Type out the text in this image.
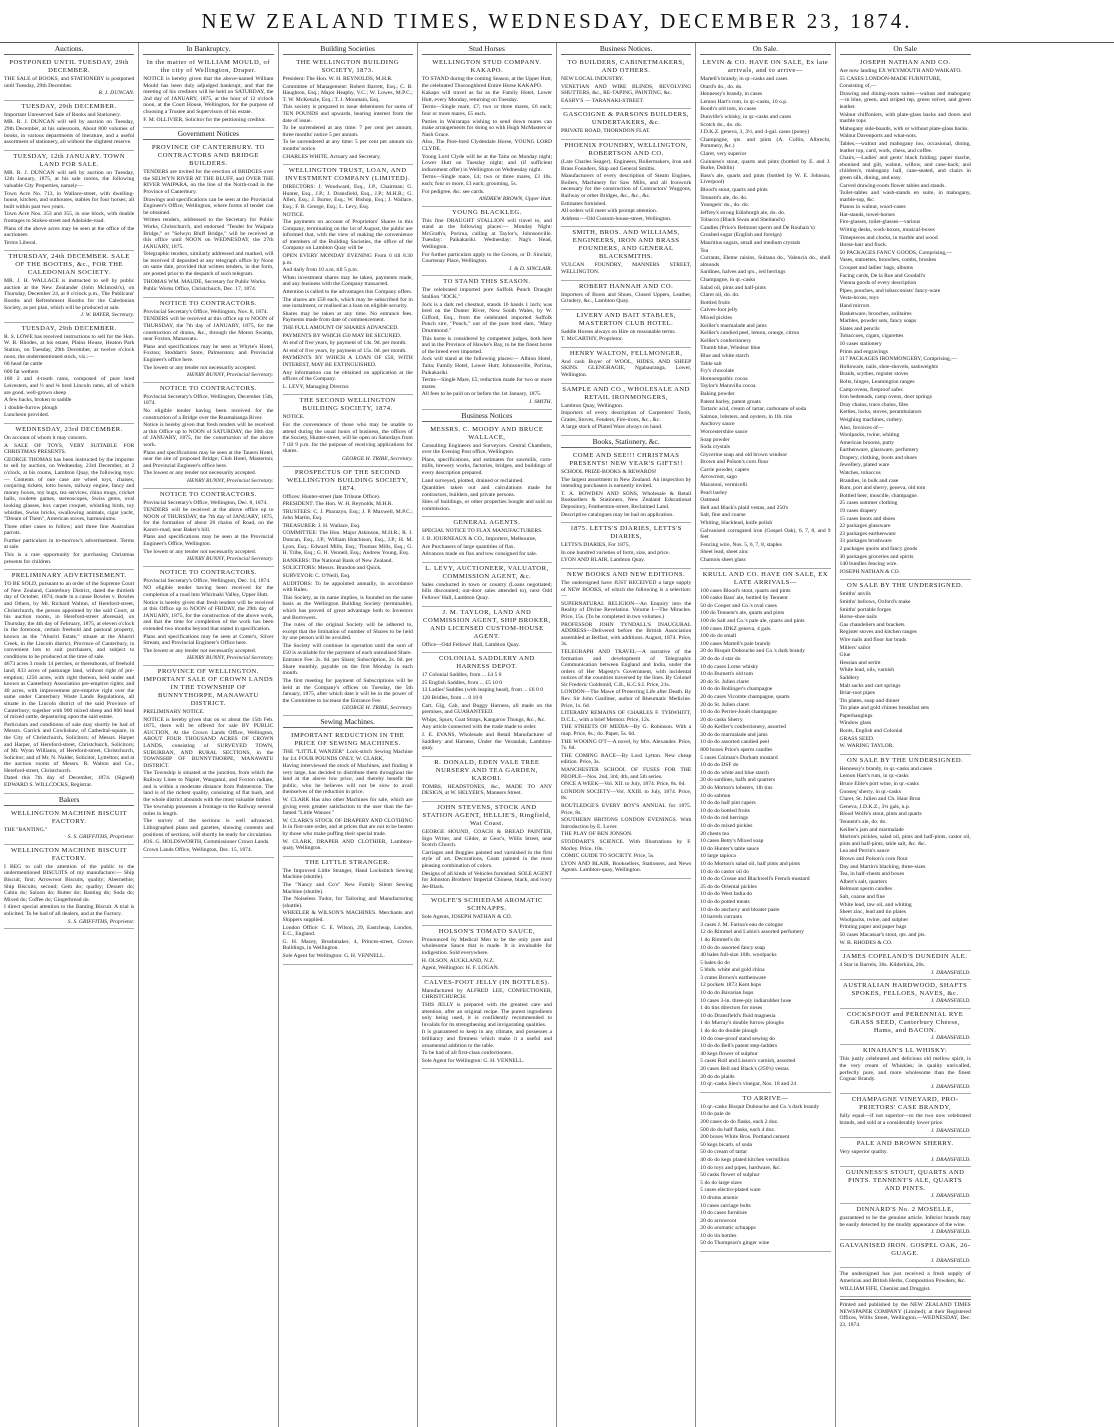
NEW ZEALAND TIMES, WEDNESDAY, DECEMBER 23, 1874.
Auctions.
POSTPONED UNTIL TUESDAY, 29th DECEMBER.
THE SALE of BOOKS, and STATIONERY is postponed until Tuesday, 29th December.
R. J. DUNCAN.
TUESDAY, 29th DECEMBER.
Important Unreserved Sale of Books and Stationery.
MR. R. J. DUNCAN will sell by auction on Tuesday, 29th December, at his salesroom, About 800 volumes of books, in various departments of literature, and a useful assortment of stationery, all without the slightest reserve.
TUESDAY, 12th JANUARY. TOWN LAND FOR SALE.
MR. R. J. DUNCAN will sell by auction on Tuesday, 12th January, 1875, at his sale rooms, the following valuable City Properties, namely—
Town Acre No. 713, in Wallace-street, with dwelling-house, kitchen, and outhouses, stables for four horses; all built within past two years.
Town Acre Nos. 353 and 355, in one block, with double frontages to Stokes-street and Adelaide-road.
Plans of the above acres may be seen at the office of the auctioneer.
Terms Liberal.
THURSDAY, 24th DECEMBER. SALE OF THE BOOTHS, &c., FOR THE CALEDONIAN SOCIETY.
MR. J. H. WALLACE is instructed to sell by public auction at the New Zealander (John McIntosh's), on Thursday, December 24, at 8 o'clock p.m., The Publicans' Booths and Refreshment Booths for the Caledonian Society, as per plan, which will be produced at sale.
J. W. BAYER, Secretary.
TUESDAY, 29th DECEMBER.
R. S. LOWE has received instructions to sell for the Hon. W. B. Rhodes, at his estate, Plains House, Heaton Park Station, on Tuesday, 29th December, at twelve o'clock noon, the undermentioned stock, viz.:—
60 head fat cattle
600 fat wethers
100 2 and 4-tooth rams, composed of pure bred Leicesters, and ½ and ¾ bred Lincoln rams, all of which are good, well-grown sheep
A few hacks, broken to saddle
1 double-furrow plough
Luncheon provided.
WEDNESDAY, 23rd DECEMBER.
On account of whom it may concern.
A SALE OF TOYS, VERY SUITABLE FOR CHRISTMAS PRESENTS.
GEORGE THOMAS has been instructed by the importer to sell by auction, on Wednesday, 23rd December, at 2 o'clock, at his rooms, Lambton Quay, the following toys:— Contents of one case are wheel toys, chaises, conjuring tickets, lotto boxes, railway engine, fancy and money boxes, toy bugs, tea services, china mugs, cricket balls, roulette games, stereoscopes, Swiss gems, oval looking glasses, box carpet croquet, whistling birds, toy whistles, Swiss bricks, swallowing animals, cigar yacht, "Dream of Them", American stoves, harmoniums.
Three other cases to follow; and three fine Australian parrots.
Further particulars in to-morrow's advertisement. Terms at sale.
This is a rare opportunity for purchasing Christmas presents for children.
PRELIMINARY ADVERTISEMENT.
TO BE SOLD, pursuant to an order of the Supreme Court of New Zealand, Canterbury District, dated the thirtieth day of October, 1874, made in a cause Bowles v. Bowles and Others, by Mr. Richard Walton, of Hereford-street, Christchurch, the person appointed by the said Court, at his auction rooms, in Hereford-street aforesaid, on Thursday, the 4th day of February, 1875, at eleven o'clock in the forenoon, certain freehold and pastoral property, known as the "Ahuriri Estate," situate at the Ahuriri Creek, in the Lincoln district, Province of Canterbury, in convenient lots to suit purchasers, and subject to conditions to be produced at the time of sale.
4673 acres 3 roods 14 perches, or thereabouts, of freehold land; 833 acres of pasturage land, without right of pre-emption; 1256 acres, with right thereon, held under and known as Canterbury Association pre-emptive rights; and 40 acres, with improvement pre-emptive right over the same under Canterbury Waste Lands Regulations, all situate in the Lincoln district of the said Province of Canterbury; together with 900 mixed sheep and 800 head of mixed cattle, depasturing upon the said estate.
Particulars and conditions of sale may shortly be had of Messrs. Garrick and Cowlishaw, of Cathedral-square, in the City of Christchurch, Solicitors; of Messrs. Harper and Harper, of Hereford-street, Christchurch, Solicitors; of Mr. Wynn Williams, of Hereford-street, Christchurch, Solicitor; and of Mr. N. Nalder, Solicitor, Lyttelton; and at the auction rooms of Messrs. R. Walton and Co., Hereford-street, Christchurch.
Dated this 7th day of December, 1874. (Signed) EDWARD S. WILLCOCKS, Registrar.
Bakers
WELLINGTON MACHINE BISCUIT FACTORY.
THE "BANTING."
S. S. GRIFFITHS, Proprietor.
WELLINGTON MACHINE BISCUIT FACTORY.
I BEG to call the attention of the public to the undermentioned BISCUITS of my manufacture:— Ship Biscuit, first; Arrowroot Biscuits, quality; Abernethie; Ship Biscuits, second; Gem do; quality; Dessert do; Cabin do; Saloon do; Butter do; Banting do; Soda do; Mixed do; Coffee do; Gingerbread do.
I direct special attention to the Banting Biscuit. A trial is solicited. To be had of all dealers, and at the Factory.
S. S. GRIFFITHS, Proprietor.
In Bankruptcy.
In the matter of WILLIAM MOULD, of the city of Wellington, Draper.
NOTICE is hereby given that the above-named William Mould has been duly adjudged bankrupt, and that the meeting of his creditors will be held on SATURDAY, the 2nd day of JANUARY, 1875, at the hour of 12 o'clock noon, at the Court House, Wellington, for the purpose of choosing a Trustee and Supervisors of his estate.
F. M. OLLIVIER, Solicitor for the petitioning creditor.
Government Notices
PROVINCE OF CANTERBURY. TO CONTRACTORS AND BRIDGE BUILDERS.
TENDERS are invited for the erection of BRIDGES over the SELWYN RIVER AT THE BLUFF, and OVER THE RIVER WAIPARA, on the line of the North-road in the Province of Canterbury.
Drawings and specifications can be seen at the Provincial Engineer's Office, Wellington, where forms of tender can be obtained.
Written tenders, addressed to the Secretary for Public Works, Christchurch, and endorsed "Tender for Waipara Bridge," or "Selwyn Bluff Bridge," will be received at this office until NOON on WEDNESDAY, the 27th JANUARY, 1875.
Telegraphic tenders, similarly addressed and marked, will be received if deposited at any telegraph office by Noon on same date, provided that written tenders, in due form, are posted prior to the despatch of such telegram.
THOMAS WM. MAUDE, Secretary for Public Works.
Public Works Office, Christchurch, Dec. 17, 1874.
NOTICE TO CONTRACTORS.
Provincial Secretary's Office, Wellington, Nov. 8, 1874.
TENDERS will be received at this office up to NOON of THURSDAY, the 7th day of JANUARY, 1875, for the construction of drains, &c., through the Moton Swamp, near Foxton, Manawatu.
Plans and specifications may be seen at Whyte's Hotel, Foxton; Stoddart's Store, Palmerston; and Provincial Engineer's office here.
The lowest or any tender not necessarily accepted.
HENRY BUNNY, Provincial Secretary.
NOTICE TO CONTRACTORS.
Provincial Secretary's Office, Wellington, December 15th, 1874.
No eligible tender having been received for the construction of a Bridge over the Ruamahanga River.
Notice is hereby given that fresh tenders will be received at this Office up to NOON of SATURDAY, the 30th day of JANUARY, 1875, for the construction of the above work.
Plans and specifications may be seen at the Tauern Hotel, near the site of proposed Bridge; Club Hotel, Masterton; and Provincial Engineer's office here.
The lowest or any tender not necessarily accepted.
HENRY BUNNY, Provincial Secretary.
NOTICE TO CONTRACTORS.
Provincial Secretary's Office, Wellington, Dec. 8, 1874.
TENDERS will be received at the above office up to NOON of THURSDAY, the 7th day of JANUARY, 1875, for the formation of about 28 chains of Road, on the Karori-road, near Baker's hill.
Plans and specifications may be seen at the Provincial Engineer's Office, Wellington.
The lowest or any tender not necessarily accepted.
HENRY BUNNY, Provincial Secretary.
NOTICE TO CONTRACTORS.
Provincial Secretary's Office, Wellington, Dec. 14, 1874.
NO eligible tender having been received for the completion of a road into Whirinaki Valley, Upper Hutt.
Notice is hereby given that fresh tenders will be received at this Office up to NOON of FRIDAY, the 29th day of JANUARY, 1875, for the construction of the above work, and that the time for completion of the work has been extended two months beyond that stated in specification.
Plans and specifications may be seen at Cotter's, Silver Stream, and Provincial Engineer's Office here.
The lowest or any tender not necessarily accepted.
HENRY BUNNY, Provincial Secretary.
PROVINCE OF WELLINGTON. IMPORTANT SALE OF CROWN LANDS IN THE TOWNSHIP OF BUNNYTHORPE, MANAWATU DISTRICT.
PRELIMINARY NOTICE.
NOTICE is hereby given that on or about the 15th Feb. 1875, there will be offered for sale BY PUBLIC AUCTION, At the Crown Lands Office, Wellington, ABOUT FOUR THOUSAND ACRES OF CROWN LANDS, consisting of SURVEYED TOWN, SUBURBAN, AND RURAL SECTIONS, in the TOWNSHIP OF BUNNYTHORPE, MANAWATU DISTRICT.
The Township is situated at the junction, from which the Railway Lines to Napier, Wanganui, and Foxton radiate, and is within a moderate distance from Palmerston. The land is of the richest quality, consisting of flat bush, and the whole district abounds with the most valuable timber.
The township possesses a frontage to the Railway several miles in length.
The survey of the sections is well advanced. Lithographed plans and gazettes, showing contents and positions of sections, will shortly be ready for circulation.
JOS. G. HOLDSWORTH, Commissioner Crown Lands.
Crown Lands Office, Wellington, Dec. 15, 1874.
Building Societies
THE WELLINGTON BUILDING SOCIETY, 1873.
President: The Hon. W. H. REYNOLDS, M.H.R.
Committee of Management: Robert Barrett, Esq.; C. B. Haughton, Esq.; Major Heaphy, V.C.; W. Lowes, M.P.C.; T. W. McKenzie, Esq.; T. J. Mountain, Esq.
This society is prepared to issue debentures for sums of TEN POUNDS and upwards, bearing interest from the date of issue.
To be surrendered at any time: 7 per cent per annum, three months' notice 5 per annum.
To be surrendered at any time: 5 per cent per annum six months' notice.
CHARLES WHITE, Actuary and Secretary.
WELLINGTON TRUST, LOAN, AND INVESTMENT COMPANY (LIMITED).
DIRECTORS: J. Woodward, Esq., J.P., Chairman; G. Hunter, Esq., J.P.; J. Dransfield, Esq., J.P.; M.H.R.; G. Allen, Esq.; J. Burne, Esq.; W. Bishop, Esq.; J. Wallace, Esq.; F. B. George, Esq.; L. Levy, Esq.
NOTICE.
The payments on account of Proprietors' Shares in this Company, terminating on the 1st of August, the public are informed that, with the view of making the convenience of members of the Building Societies, the office of the Company on Lambton Quay will be
OPEN EVERY MONDAY EVENING From 6 till 8.30 p.m.
And daily from 10 a.m. till 5 p.m.
When investment shares may be taken, payments made, and any business with the Company transacted.
Attention is called to the advantages this Company offers.
The shares are £50 each, which may be subscribed for in one instalment, or realised as a loan on eligible security.
Shares may be taken at any time. No entrance fees. Payments made from date of commencement.
THE FULL AMOUNT OF SHARES ADVANCED.
PAYMENTS BY WHICH £50 MAY BE SECURED.
At end of five years, by payment of 14s. 9d. per month.
At end of five years, by payment of 15s. 0d. per month.
PAYMENTS BY WHICH A LOAN OF £50, WITH INTEREST, MAY BE EXTINGUISHED.
Any information can be obtained on application at the offices of the Company.
L. LEVY, Managing Director.
THE SECOND WELLINGTON BUILDING SOCIETY, 1874.
NOTICE.
For the convenience of those who may be unable to attend during the usual hours of business, the offices of the Society, Hunter-street, will be open on Saturdays from 7 till 9 p.m. for the purpose of receiving applications for shares.
GEORGE H. TRIBE, Secretary.
PROSPECTUS OF THE SECOND WELLINGTON BUILDING SOCIETY, 1874.
Offices: Hunter-street (late Tribune Office).
PRESIDENT: The Hon. W. H. Reynolds, M.H.R.
TRUSTEES: C. J. Pharazyn, Esq.; J. P. Maxwell, M.P.C.; John Martin, Esq.
TREASURER: J. H. Wallace, Esq.
COMMITTEE: The Hon. Major Atkinson, M.H.R.; R. J. Duncan, Esq., J.P.; William Hutchison, Esq., J.P.; H. M. Lyon, Esq.; Edward Mills, Esq.; Thomas Mills, Esq.; G. H. Tribe, Esq.; G. H. Vennell, Esq.; Andrew Young, Esq.
BANKERS: The National Bank of New Zealand.
SOLICITORS: Messrs. Brandon and Quick.
SURVEYOR: C. O'Neill, Esq.
AUDITORS: To be appointed annually, in accordance with Rules.
This Society, as its name implies, is founded on the same basis as the Wellington Building Society (terminable), which has proved of great advantage both to Investors and Borrowers.
The rules of the original Society will be adhered to, except that the limitation of number of Shares to be held by one person will be avoided.
The Society will continue in operation until the sum of £50 is available for the payment of each unrealised Share.
Entrance Fee: 2s. 6d. per Share; Subscription, 2s. 6d. per Share monthly, payable on the first Monday in each month.
The first meeting for payment of Subscriptions will be held at the Company's offices on Tuesday, the 5th January, 1875, after which date it will be in the power of the Committee to increase the Entrance Fee.
GEORGE H. TRIBE, Secretary.
Sewing Machines.
IMPORTANT REDUCTION IN THE PRICE OF SEWING MACHINES.
THE "LITTLE WANZER" Lock-stitch Sewing Machine for £4. FOUR POUNDS ONLY. W. CLARK,
Having interviewed the stock of Machines, and finding it very large, has decided to distribute them throughout the land at the above low price, and thereby benefit the public, who he believes will not be slow to avail themselves of the reduction in price.
W. CLARK Has also other Machines for sale, which are giving even greater satisfaction to the user than the far-famed "Little Wanzer."
W. CLARK'S STOCK OF DRAPERY AND CLOTHING Is in first-rate order, and at prices that are not to be beaten by those who make puffing their special trade.
W. CLARK, DRAPER AND CLOTHIER, Lambton-quay, Wellington.
THE LITTLE STRANGER.
The Improved Little Stranger, Hand Lockstitch Sewing Machine (shuttle).
The "Nancy and Co's" New Family Silent Sewing Machine (shuttle).
The Noiseless Tudor, for Tailoring and Manufacturing (shuttle).
WHEELER & WILSON'S MACHINES. Merchants and Shippers supplied.
London Office: C. E. Wilson, 29, Eastcheap, London, E.C., England.
G. H. Macey, Brushmaker, 4, Princes-street, Crown Buildings, in Wellington.
Sole Agent for Wellington: G. H. VENNELL.
Stud Horses
WELLINGTON STUD COMPANY. KAKAPO.
TO STAND during the coming Season, at the Upper Hutt, the celebrated Thoroughbred Entire Horse KAKAPO.
Kakapo will travel as far as the Family Hotel, Lower Hutt, every Monday, returning on Tuesday.
Terms—Single mare, £7; two or three mares, £6 each; four or more mares, £5 each.
Parties in Wairarapa wishing to send down mares can make arrangements for doing so with Hugh McMasters or Nash Grace.
Also, The Pure-bred Clydesdale Horse, YOUNG LORD CLYDE.
Young Lord Clyde will be at the Taita on Monday night; Lower Hutt on Tuesday night; and (if sufficient inducement offer) in Wellington on Wednesday night.
Terms—Single mare, £4; two or three mares, £3 10s. each; four or more, £3 each; grooming, 5s.
For pedigree, &c. see cards.
ANDREW BROWN, Upper Hutt.
YOUNG BLACKLEG.
This fine DRAUGHT STALLION will travel to, and stand at the following places:— Monday Night: McGrath's, Porirua, calling at Taylor's, Johnsonville. Tuesday: Paikakariki. Wednesday: Nag's Head, Wellington.
For further particulars apply to the Groom, or D. Sinclair, Courtenay Place, Wellington.
J. & D. SINCLAIR.
TO STAND THIS SEASON.
The celebrated imported pure Suffolk Punch Draught Stallion "JOCK."
Jock is a dark red chestnut, stands 16 hands 1 inch; was bred on the Dunter River, New South Wales, by W. Gifford, Esq., from the celebrated imported Suffolk Punch sire, "Punch," out of the pure bred dam, "Mary Drummond."
This horse is considered by competent judges, both here and in the Province of Hawke's Bay, to be the finest horse of the breed ever imported.
Jock will stand at the following places:— Albion Hotel, Taita; Family Hotel, Lower Hutt; Johnsonville, Porirua, Paikakariki.
Terms—Single Mare, £5; reduction made for two or more mares.
All fees to be paid on or before the 1st January, 1875.
J. SMITH.
Business Notices
MESSRS. C. MOODY AND BRUCE WALLACE,
Consulting Engineers and Surveyors. Central Chambers, over the Evening Post office, Wellington.
Plans, specifications, and estimates for sawmills, corn-mills, brewery works, factories, bridges, and buildings of every description prepared.
Land surveyed, plotted, drained or reclaimed.
Quantities taken out and calculations made for contractors, builders, and private persons.
Sites of buildings, or other properties bought and sold on commission.
GENERAL AGENTS.
SPECIAL NOTICE TO FLAX MANUFACTURERS.
J. B. JOURNEAUX & CO., Importers, Melbourne,
Are Purchasers of large quantities of flax.
Advances made on flax and tow consigned for sale.
L. LEVY, AUCTIONEER, VALUATOR, COMMISSION AGENT, &c.
Sales conducted in town or country (Loans negotiated; bills discounted; out-door sales attended to), next Odd Fellows' Hall, Lambton Quay.
J. M. TAYLOR, LAND AND COMMISSION AGENT, SHIP BROKER, AND LICENSED CUSTOM-HOUSE AGENT.
Office—Odd Fellows' Hall, Lambton Quay.
COLONIAL SADDLERY AND HARNESS DEPOT.
17 Colonial Saddles, from ... £4 5 0
25 English Saddles, from ... £5 10 0
13 Ladies' Saddles (with leaping head), from ... £6 0 0
120 Bridles, from ... 0 10 0
Cart, Gig, Cab, and Buggy Harness, all made on the premises, and GUARANTEED.
Whips, Spurs, Coat Straps, Kangaroo Thongs, &c., &c.
Any article connected with the trade made to order.
J. E. EVANS, Wholesale and Retail Manufacturer of Saddlery and Harness, Under the Verandah, Lambton-quay.
R. DONALD, EDEN VALE TREE NURSERY AND TEA GARDEN, KARORI.
TOMBS, HEADSTONES, &c., MADE TO ANY DESIGN, at W. HELYER'S, Manners Street.
JOHN STEVENS, STOCK AND STATION AGENT, HELLIE'S, Ringfield, Wai Coast.
GEORGE HOUND, COACH & BREAD PAINTER, Sign Writer, and Gilder, at Geor's, Willis Street, near Scotch Church.
Carriages and Buggies painted and varnished in the first style of art. Decorations, Coats painted in the most pleasing combination of colors.
Designs of all kinds of Vehicles furnished. SOLE AGENT for Johnston Brothers' Imperial Chinese, black, and ivory Jet-Black.
WOLFE'S SCHIEDAM AROMATIC SCHNAPPS.
Sole Agents, JOSEPH NATHAN & CO.
HOLSON'S TOMATO SAUCE,
Pronounced by Medical Men to be the only pure and wholesome Sauce that is made. It is invaluable for indigestion. Sold everywhere.
H. OLSON, AUCKLAND, N.Z.
Agent, Wellington: H. F. LOGAN.
CALVES-FOOT JELLY (IN BOTTLES).
Manufactured by ALFRED LEE, CONFECTIONER, CHRISTCHURCH.
THIS JELLY is prepared with the greatest care and attention, after an original recipe. The purest ingredients only being used, it is confidently recommended to Invalids for its strengthening and invigorating qualities.
It is guaranteed to keep in any climate, and possesses a brilliancy and firmness which make it a useful and ornamental addition to the table.
To be had of all first-class confectioners.
Sole Agent for Wellington: G. H. VENNELL.
Business Notices.
TO BUILDERS, CABINETMAKERS, AND OTHERS.
NEW LOCAL INDUSTRY.
VENETIAN AND WIRE BLINDS, REVOLVING SHUTTERS, &c., RE-TAPING, PAINTING, &c.
EASBY'S — TARANAKI-STREET.
GASCOIGNE & PARSONS BUILDERS, UNDERTAKERS, &c.
PRIVATE ROAD, THORNDON FLAT.
PHOENIX FOUNDRY, WELLINGTON, ROBERTSON AND CO.
(Late Charles Seager), Engineers, Boilermakers, Iron and Brass Founders, Ship and General Smiths.
Manufacturers of every description of Steam Engines, Boilers, Machinery for Saw Mills, and all Ironwork necessary for the construction of Contractors' Waggons, Railway or other Bridges, &c., &c., &c.
Estimates furnished.
All orders will meet with prompt attention.
Address:—Old Custom-house-street, Wellington.
SMITH, BROS. AND WILLIAMS, ENGINEERS, IRON AND BRASS FOUNDERS, AND GENERAL BLACKSMITHS.
VULCAN FOUNDRY, MANNERS STREET, WELLINGTON.
ROBERT HANNAH AND CO.
Importers of Boots and Shoes, Closed Uppers, Leather, Grindery, &c., Lambton Quay.
LIVERY AND BAIT STABLES, MASTERTON CLUB HOTEL.
Saddle Horses always on Hire on reasonable terms.
T. McCARTHY, Proprietor.
HENRY WALTON, FELLMONGER,
And cash Buyer of WOOL, HIDES, AND SHEEP SKINS. GLENGRAGIE, Ngahauranga, Lower, Wellington.
SAMPLE AND CO., WHOLESALE AND RETAIL IRONMONGERS,
Lambton Quay, Wellington.
Importers of every description of Carpenters' Tools, Grates, Stoves, Fenders, Fire-irons, &c., &c.
A large stock of Plated Ware always on hand.
Books, Stationery, &c.
COME AND SEE!!! CHRISTMAS PRESENTS! NEW YEAR'S GIFTS!!
SCHOOL PRIZE-BOOKS & REWARDS!
The largest assortment in New Zealand. An inspection by intending purchasers is earnestly invited.
T. A. BOWDEN AND SONS, Wholesale & Retail Booksellers & Stationers, New Zealand Educational Depository, Featherston-street, Reclaimed Land.
Descriptive catalogues may be had on application.
1875. LETTS'S DIARIES, LETTS'S DIARIES,
LETTS'S DIARIES, For 1875,
In one hundred varieties of form, size, and price.
LYON AND BLAIR, Lambton Quay.
NEW BOOKS AND NEW EDITIONS.
The undersigned have JUST RECEIVED a large supply of NEW BOOKS, of which the following is a selection:—
SUPERNATURAL RELIGION—An Enquiry into the Reality of Divine Revelation. Volume I—The Miracles. Price, 15s. (To be completed in two volumes.)
PROFESSOR JOHN TYNDALL'S INAUGURAL ADDRESS—Delivered before the British Association assembled at Belfast, with additions. August, 1874. Price, 3s.
TELEGRAPH AND TRAVEL—A narrative of the formation and development of Telegraphic Communication between England and India, under the orders of Her Majesty's Government, with incidental notices of the countries traversed by the lines. By Colonel Sir Frederic Goldsmid, C.B., K.C.S.I. Price, 21s.
LONDON—The Mawe of Protecting Life after Death. By Rev. Sir John Gardiner, author of Rheumatic Medicine. Price, 1s. 6d.
LITERARY REMAINS OF CHARLES F. TYRWHITT, D.C.L., with a brief Memoir. Price, 12s.
THE STREETS OF MEDIA—By G. Robinson. With a map. Price, 8s.; do. Paper, 5s. 6d.
THE WOOING O'T—A novel, by Mrs. Alexander. Price, 7s. 6d.
THE COMING RACE—By Lord Lytton. New cheap edition. Price, 3s.
MANCHESTER SCHOOL OF FUSES FOR THE PEOPLE—Nos. 2nd, 3rd, 4th, and 5th series.
ONCE A WEEK—Vol. XII. to July, 1874. Price, 8s. 6d.
LONDON SOCIETY—Vol. XXIII. to July, 1874. Price, 8s.
ROUTLEDGE'S EVERY BOY'S ANNUAL for 1875. Price, 8s.
SOUTHERN BRITONS LONDON EVENINGS. With Introduction by E. Lover.
THE PLAY OF BEN JONSON.
STODDART'S SCIENCE. With Illustrations by F. Morley. Price, 10s.
COMIC GUIDE TO SOCIETY. Price, 5s.
LYON AND BLAIR, Booksellers, Stationers, and News Agents. Lambton-quay, Wellington.
On Sale.
LEVIN & CO. HAVE ON SALE, Ex late arrivals, and to arrive—
Martell's brandy, in qr.-casks and cases
Otard's do., do. do.
Hennessy's brandy, in cases
Lemon Hart's rum, in qr.-casks, 10 o.p.
Booth's old tom, in cases
Dunville's whisky, in qr.-casks and cases
Scotch do., do. do.
J.D.K.Z. geneva, 3, 3½, and 4-gal. cases (poney)
Champagne, qts. and pints (A. Collin, Albrecht, Pommery, &c.)
Claret, very superior
Guinness's stout, quarts and pints (bottled by E. and J. Burke, Dublin)
Bass's ale, quarts and pints (bottled by W. E. Johnson, Liverpool)
Blood's stout, quarts and pints
Tennent's ale, do. do.
Youngers' do., do. do.
Jeffrey's strong Edinburgh ale, do. do.
Tobacco (Black Swan and Sheiland's)
Candles (Price's Belmont sperm and De Roubaix's)
Crushed sugar (English and foreign)
Mauritius sugars, small and medium crystals
Tea
Currants, Eleme raisins, Sultana do., Valencia do., shell almonds
Sardines, halves and qrs., red herrings
Champagne, in qr.-casks
Salad oil, pints and half-pints
Claret oil, do. do.
Bottled fruits
Calves-foot jelly
Mixed pickles
Keiller's marmalade and jams
Keiller's candied peel, lemon, orange, citron
Keiller's confectionery
Thumb blue, Windsor blue
Blue and white starch
Table salt
Fry's chocolate
Homoeopathic cocoa
Taylor's Maravilla cocoa
Baking powder
Patent barley, patent groats
Tartaric acid, cream of tartar, carbonate of soda
Salmon, lobsters, and oysters, in 1lb. tins
Anchovy sauce
Worcestershire sauce
Soap powder
Soda crystals
Glycerine soap and old brown windsor
Brown and Polson's corn flour
Carrie powder, capers
Arrowroot, sago
Macaroni, vermicelli
Pearl barley
Oatmeal
Bell and Black's plaid vestas, and 250's
Salt, fine and coarse
Whiting, blacklead, knife polish
Galvanised corrugated iron (Gospel Oak), 6, 7, 8, and 9 feet
Fencing wire, Nos. 5, 6, 7, 8, staples
Sheet lead, sheet zinc
Chamois sheet glass
KRULL AND CO. HAVE ON SALE, EX LATE ARRIVALS—
100 cases Blood's stout, quarts and pints
100 casks Bass' ale, bottled by Tennent
50 do Cooper and Co.'s oval cases
100 do Tennent's ale, quarts and pints
100 do Salt and Co.'s pale ale, quarts and pints
100 cases JDKZ geneva, 4 gals.
100 do do small
100 cases Martell's pale brandy
20 do Bisquit Dubouche and Co.'s dark brandy
20 do do 4 star do
10 do cases Lorne whisky
10 do Burnett's old tom
20 do St. Julien claret
10 do do Bollinger's champagne
20 do cases Vicomte champagne, quarts
20 do St. Julien claret
10 do do Perrier-Jouët champagne
20 do casks Sherry
50 do Keiller's confectionery, assorted
20 do do marmalade and jams
10 do do assorted candied peel
800 boxes Price's sperm candles
5 cases Colman's Durham mustard
10 do do DSF do
10 do do white and blue starch
20 do sardines, halfs and quarters
20 do Morton's lobsters, 1lb tins
10 do salmon
10 do do half pint capers
10 do do bottled fruits
10 do do red herrings
10 do do mixed pickles
20 chests tea
10 cases Betty's Mixed soap
10 do Hunter's table sauce
10 large tapioca
10 do Morton's salad oil, half pints and pints
10 do do castor oil do
10 do do Crosse and Blackwell's French mustard
25 do do Oriental pickles
10 do do West India do
10 do do potted meats
10 do do anchovy and bloater paste
10 barrels currants
3 cases J. M. Farina's eau de cologne
12 do Rimmel and Lubin's assorted perfumery
1 do Rimmel's do
10 do do assorted fancy soap
40 bales full-size 10lb. woolpacks
5 bales do do
5 bhds. white and gold china
3 crates Brown's earthenware
12 pockets 1873 Kent hops
10 do do Bavarian hops
10 cases 3-in. three-ply indiarubber hose
1 do tins directors for noses
10 do Dransfield's fluid magnesia
1 do Murray's double furrow ploughs
1 do do do double plough
10 do rose-proof stand sewing do
10 do do Bell's patent step-ladders
40 kegs flower of sulphur
5 cases Roll and Lisson's varnish, assorted
20 cases Bell and Black's (250's) vestas
20 do do plaids
10 qr.-casks Sleo's vinegar, Nos. 18 and 24
TO ARRIVE—
10 qr.-casks Bisquit Dubouche and Co.'s dark brandy
10 do pale do
200 cases do do flasks, each 2 doz.
500 do do half flasks, each 4 doz.
200 boxes White Bros. Portland cement
50 kegs bicarb. of soda
50 do cream of tartar
40 do do kegs plated kitchen vermillion
10 do toys and pipes, hardware, &c.
50 casks flower of sulphur
5 do do large sizes
5 cases electro-plated ware
10 drums arsenic
10 cases carriage bolts
10 do cases furniture
20 do arrowroot
20 do aromatic schnapps
10 do tin bottles
50 do Thompson's ginger wine
On Sale
JOSEPH NATHAN AND CO.
Are now landing EX WEYMOUTH AND WAIKATO.
55 CASES LONDON-MADE FURNITURE,
Consisting of,—
Drawing and dining-room suites—walnut and mahogany—in blue, green, and striped rep, green velvet, and green leather.
Walnut chiffoniers, with plate-glass backs and doors and marble tops
Mahogany side-boards, with or without plate-glass backs.
Walnut Davenports and what-nots.
Tables,—walnut and mahogany loo, occasional, dining, leather top, card, work, chess, and coffee.
Chairs,—Ladies' and gents' black folding; paper mache, ebonised and gilt, walnut, willow, and cane-back; and children's, mahogany hall, cane-seated, and chairs in green silk, dining, and easy.
Carved drawing-room flower tables and stands.
Toilet-tables and wash-stands en suite, in mahogany, marble-top, &c.
Pianos in walnut, wood-cases
Hat-stands, towel-horses
Fire-glasses, toilet-glasses—various
Writing desks, work-boxes, musical-boxes
Timepieces and clocks, in marble and wood
Horse-hair and flock.
50 PACKAGES FANCY GOODS, Comprising,—
Vases, statuettes, brooches, combs, brushes
Croquet and ladies' bags, albums
Facing cards, De la Rue and Goodall's
Vienna goods of every description
Pipes, pouches, and tobacconists' fancy-ware
Vesta-boxes, toys
Hand mirrors
Basketware, brooches, solitaires
Marbles, powder sets, fancy soaps
Slates and pencils
Tobaccoes, cigars, cigarettes
10 cases stationery
Prints and engravings
317 PACKAGES IRONMONGERY, Comprising,—
Holloware, nails, shoe-shovels, sashweights
Braids, scythes, register stoves
Bolts, hinges, Leamington ranges
Camp ovens, fireproof safes
Iron bedsteads, camp ovens, door springs
Dray chains, trace chains, files
Kettles, locks, stoves, perambulators
Weighing machines, cutlery.
Also, Invoices of—
Woolpacks, twine, whiting
American brooms, putty
Earthenware, glassware, perfumery
Drapery, clothing, boots and shoes
Jewellery, plated ware
Watches, tobaccos
Brandies, in bulk and case
Rum, port and sherry, geneva, old tom
Bottled beer, muscille, champagne.
25 cases summer clothing
19 cases drapery
15 cases boots and shoes
22 packages glassware
23 packages earthenware
33 packages brushware
2 packages quoits and fancy goods
30 packages groceries and spirits
140 bundles fencing wire.
JOSEPH NATHAN & CO.
ON SALE BY THE UNDERSIGNED.
Smiths' anvils
Smiths' bellows, Oxford's make
Smiths' portable forges
Horse-shoe nails
Gas chandeliers and brackets
Register stoves and kitchen ranges
Wire nails and floor bar brads
Millers' sailor
Glue
Hessian and serim
White lead, oils, varnish
Saddlery
Malt sacks and cart springs
Briar-root pipes
Tin plates, soap and dinner
Tin plate and gold chimes breakfast sets
Paperhangings
Window glass
Boots, English and Colonial
GRASS SEED.
W. WARING TAYLOR.
ON SALE BY THE UNDERSIGNED.
Hennessy's brandy, in qr.-casks and cases
Lemon Hart's rum, in qr.-casks
Bruce Elite's port wine, in qr.-casks
Gooseq' sherry, in qr.-casks
Claret, St. Julien and Ch. Haut Brun
Geneva, J.D.K.Z., 3¼ gals, n.p.
Blood Wolfe's stout, pints and quarts
Tennent's ale, do. do.
Keiller's jam and marmalade
Morton's pickles, salad oil, pints and half-pints, castor oil, pints and half-pints, table salt, &c. &c.
Lea and Perrin's sauce
Brown and Polson's corn flour
Day and Martin's blacking, three-sizes
Tea, in half-chests and boxes
Albert's salt, quarters
Belmont sperm candles
Salt, coarse and fine
White lead, raw oil, and whiting
Sheet zinc, lead and tin plates
Woolpacks, twine, and sulpher
Printing paper and paper bags
50 cases Macassar's stout, qts. and pts.
W. B. RHODES & CO.
JAMES COPELAND'S DUNEDIN ALE.
4 Star in Barrels, 36s. Kilderkins, 20s.
J. DRANSFIELD.
AUSTRALIAN HARDWOOD, SHAFTS SPOKES, FELLOES, NAVES, &c.
J. DRANSFIELD.
COCKSFOOT and PERENNIAL RYE GRASS SEED, Canterbury Cheese, Hams, and BACON.
J. DRANSFIELD.
KINAHAN'S LL WHISKY:
This justly celebrated and delicious old mellow spirit, is the very cream of Whiskies; in quality unrivalled, perfectly pure, and more wholesome than the finest Cognac Brandy.
J. DRANSFIELD.
CHAMPAGNE VINEYARD, PRO-PRIETORS' CASE BRANDY,
fully equal—if not superior—to the two now celebrated brands, and sold at a considerably lower price.
J. DRANSFIELD.
PALE AND BROWN SHERRY.
Very superior quality.
J. DRANSFIELD.
GUINNESS'S STOUT, QUARTS AND PINTS. TENNENT'S ALE, QUARTS AND PINTS.
J. DRANSFIELD.
DINNARD'S No. 2 MOSELLE,
guaranteed to be the genuine article. Inferior brands may be easily detected by the muddy appearance of the wine.
J. DRANSFIELD.
GALVANISED IRON. GOSPEL OAK, 26-GUAGE.
J. DRANSFIELD.
The undersigned has just received a fresh supply of American and British Herbs, Composition Powders, &c.
WILLIAM FIFE, Chemist and Druggist.
Printed and published by the NEW ZEALAND TIMES NEWSPAPER COMPANY (Limited), at their Registered Offices, Willis Street, Wellington.—WEDNESDAY, Dec. 23, 1874.
